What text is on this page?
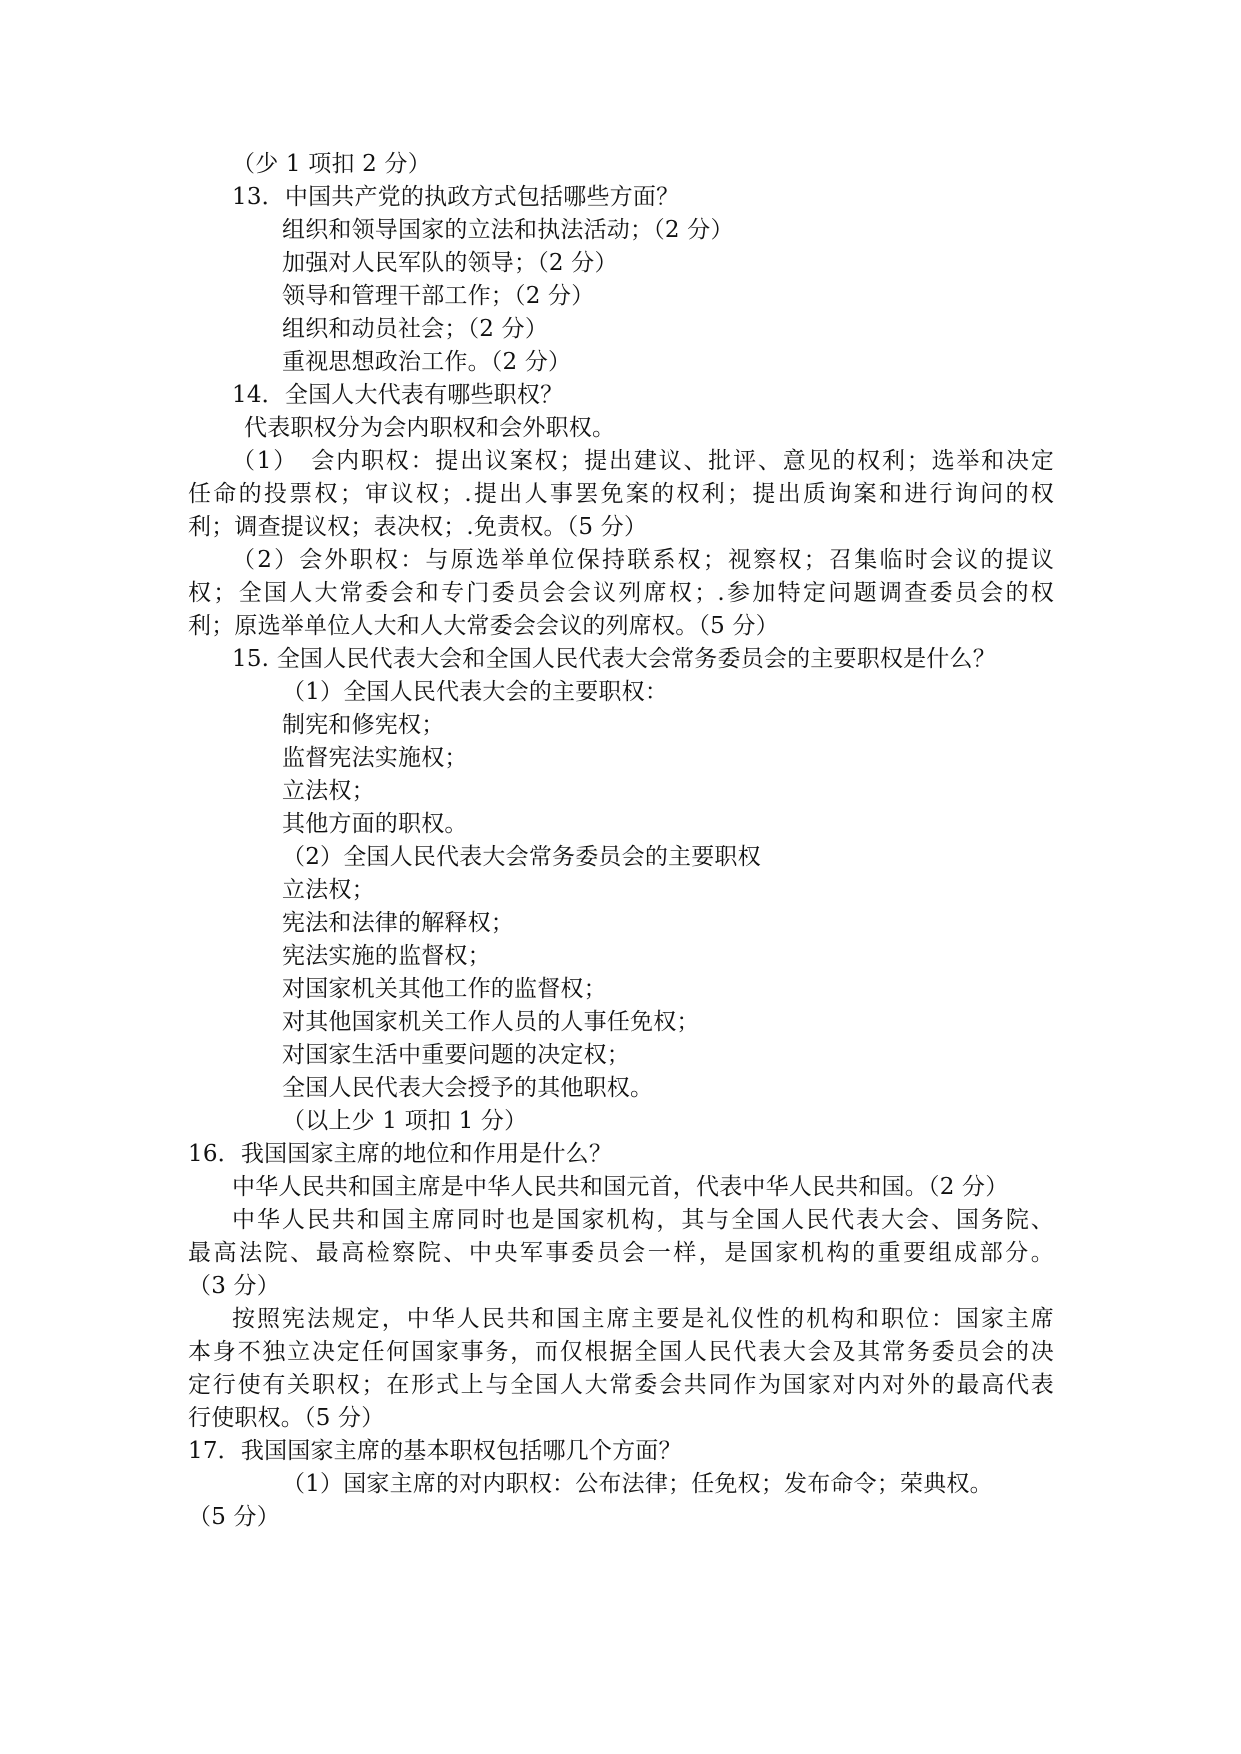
（少 1 项扣 2 分）
13．中国共产党的执政方式包括哪些方面？
组织和领导国家的立法和执法活动；（2 分）
加强对人民军队的领导；（2 分）
领导和管理干部工作；（2 分）
组织和动员社会；（2 分）
重视思想政治工作。（2 分）
14．全国人大代表有哪些职权？
代表职权分为会内职权和会外职权。
（1）　会内职权：提出议案权；提出建议、批评、意见的权利；选举和决定
任命的投票权；审议权；.提出人事罢免案的权利；提出质询案和进行询问的权
利；调查提议权；表决权；.免责权。（5 分）
（2）会外职权：与原选举单位保持联系权；视察权；召集临时会议的提议
权；全国人大常委会和专门委员会会议列席权；.参加特定问题调查委员会的权
利；原选举单位人大和人大常委会会议的列席权。（5 分）
15. 全国人民代表大会和全国人民代表大会常务委员会的主要职权是什么？
（1）全国人民代表大会的主要职权：
制宪和修宪权；
监督宪法实施权；
立法权；
其他方面的职权。
（2）全国人民代表大会常务委员会的主要职权
立法权；
宪法和法律的解释权；
宪法实施的监督权；
对国家机关其他工作的监督权；
对其他国家机关工作人员的人事任免权；
对国家生活中重要问题的决定权；
全国人民代表大会授予的其他职权。
（以上少 1 项扣 1 分）
16．我国国家主席的地位和作用是什么？
中华人民共和国主席是中华人民共和国元首，代表中华人民共和国。（2 分）
中华人民共和国主席同时也是国家机构，其与全国人民代表大会、国务院、
最高法院、最高检察院、中央军事委员会一样，是国家机构的重要组成部分。
（3 分）
按照宪法规定，中华人民共和国主席主要是礼仪性的机构和职位：国家主席
本身不独立决定任何国家事务，而仅根据全国人民代表大会及其常务委员会的决
定行使有关职权；在形式上与全国人大常委会共同作为国家对内对外的最高代表
行使职权。（5 分）
17．我国国家主席的基本职权包括哪几个方面？
（1）国家主席的对内职权：公布法律；任免权；发布命令；荣典权。
（5 分）
